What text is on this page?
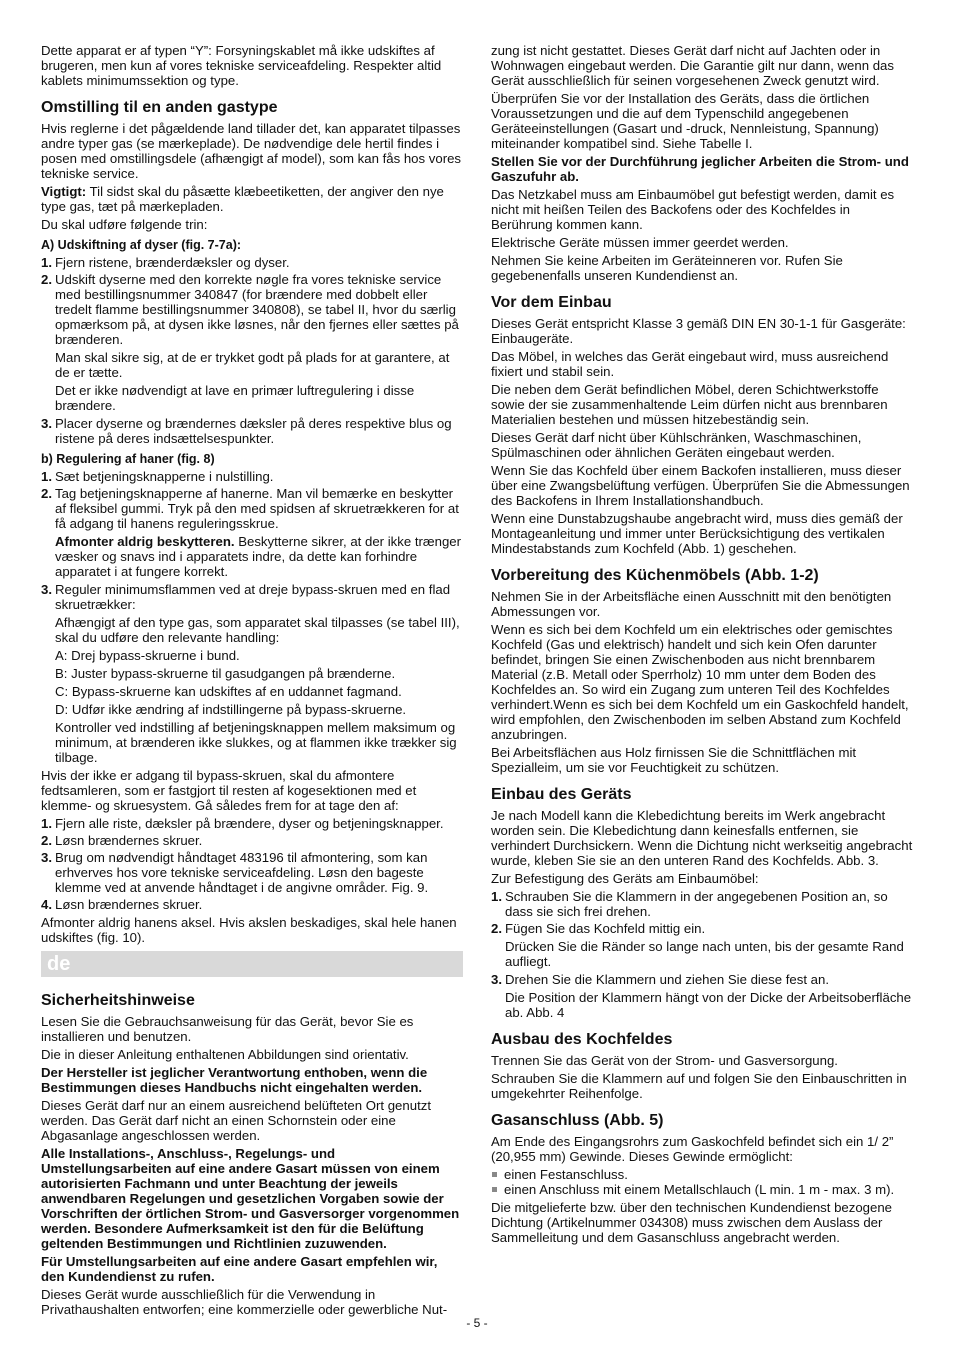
Dette apparat er af typen “Y”: Forsyningskablet må ikke udskiftes af brugeren, men kun af vores tekniske serviceafdeling. Respekter altid kablets minimumssektion og type.

Omstilling til en anden gastype

Hvis reglerne i det pågældende land tillader det, kan apparatet tilpasses andre typer gas (se mærkeplade). De nødvendige dele hertil findes i posen med omstillingsdele (afhængigt af model), som kan fås hos vores tekniske service.

Vigtigt: Til sidst skal du påsætte klæbeetiketten, der angiver den nye type gas, tæt på mærkepladen.

Du skal udføre følgende trin:

A) Udskiftning af dyser (fig. 7-7a):
1. Fjern ristene, brænderdæksler og dyser.
2. Udskift dyserne med den korrekte nøgle fra vores tekniske service med bestillingsnummer 340847 (for brændere med dobbelt eller tredelt flamme bestillingsnummer 340808), se tabel II, hvor du særlig opmærksom på, at dysen ikke løsnes, når den fjernes eller sættes på brænderen.

Man skal sikre sig, at de er trykket godt på plads for at garantere, at de er tætte.

Det er ikke nødvendigt at lave en primær luftregulering i disse brændere.

3. Placer dyserne og brændernes dæksler på deres respektive blus og ristene på deres indsættelsespunkter.
b) Regulering af haner (fig. 8)
1. Sæt betjeningsknapperne i nulstilling.
2. Tag betjeningsknapperne af hanerne. Man vil bemærke en beskytter af fleksibel gummi. Tryk på den med spidsen af skruetrækkeren for at få adgang til hanens reguleringsskrue.

Afmonter aldrig beskytteren. Beskytterne sikrer, at der ikke trænger væsker og snavs ind i apparatets indre, da dette kan forhindre apparatet i at fungere korrekt.

3. Reguler minimumsflammen ved at dreje bypass-skruen med en flad skruetrækker:

Afhængigt af den type gas, som apparatet skal tilpasses (se tabel III), skal du udføre den relevante handling:

A: Drej bypass-skruerne i bund.

B: Juster bypass-skruerne til gasudgangen på brænderne.

C: Bypass-skruerne kan udskiftes af en uddannet fagmand.

D: Udfør ikke ændring af indstillingerne på bypass-skruerne.

Kontroller ved indstilling af betjeningsknappen mellem maksimum og minimum, at brænderen ikke slukkes, og at flammen ikke trækker sig tilbage.

Hvis der ikke er adgang til bypass-skruen, skal du afmontere fedtsamleren, som er fastgjort til resten af kogesektionen med et klemme- og skruesystem. Gå således frem for at tage den af:

1. Fjern alle riste, dæksler på brændere, dyser og betjeningsknapper.
2. Løsn brændernes skruer.
3. Brug om nødvendigt håndtaget 483196 til afmontering, som kan erhverves hos vore tekniske serviceafdeling. Løsn den bageste klemme ved at anvende håndtaget i de angivne områder. Fig. 9.
4. Løsn brændernes skruer.

Afmonter aldrig hanens aksel. Hvis akslen beskadiges, skal hele hanen udskiftes (fig. 10).

de
Sicherheitshinweise

Lesen Sie die Gebrauchsanweisung für das Gerät, bevor Sie es installieren und benutzen.

Die in dieser Anleitung enthaltenen Abbildungen sind orientativ.

Der Hersteller ist jeglicher Verantwortung enthoben, wenn die Bestimmungen dieses Handbuchs nicht eingehalten werden.

Dieses Gerät darf nur an einem ausreichend belüfteten Ort genutzt werden. Das Gerät darf nicht an einen Schornstein oder eine Abgasanlage angeschlossen werden.

Alle Installations-, Anschluss-, Regelungs- und Umstellungsarbeiten auf eine andere Gasart müssen von einem autorisierten Fachmann und unter Beachtung der jeweils anwendbaren Regelungen und gesetzlichen Vorgaben sowie der Vorschriften der örtlichen Strom- und Gasversorger vorgenommen werden. Besondere Aufmerksamkeit ist den für die Belüftung geltenden Bestimmungen und Richtlinien zuzuwenden.

Für Umstellungsarbeiten auf eine andere Gasart empfehlen wir, den Kundendienst zu rufen.

Dieses Gerät wurde ausschließlich für die Verwendung in Privathaushalten entworfen; eine kommerzielle oder gewerbliche Nut-

zung ist nicht gestattet. Dieses Gerät darf nicht auf Jachten oder in Wohnwagen eingebaut werden. Die Garantie gilt nur dann, wenn das Gerät ausschließlich für seinen vorgesehenen Zweck genutzt wird.

Überprüfen Sie vor der Installation des Geräts, dass die örtlichen Voraussetzungen und die auf dem Typenschild angegebenen Geräteeinstellungen (Gasart und -druck, Nennleistung, Spannung) miteinander kompatibel sind. Siehe Tabelle I.

Stellen Sie vor der Durchführung jeglicher Arbeiten die Strom- und Gaszufuhr ab.

Das Netzkabel muss am Einbaumöbel gut befestigt werden, damit es nicht mit heißen Teilen des Backofens oder des Kochfeldes in Berührung kommen kann.

Elektrische Geräte müssen immer geerdet werden.

Nehmen Sie keine Arbeiten im Geräteinneren vor. Rufen Sie gegebenenfalls unseren Kundendienst an.

Vor dem Einbau

Dieses Gerät entspricht Klasse 3 gemäß DIN EN 30-1-1 für Gasgeräte: Einbaugeräte.

Das Möbel, in welches das Gerät eingebaut wird, muss ausreichend fixiert und stabil sein.

Die neben dem Gerät befindlichen Möbel, deren Schichtwerkstoffe sowie der sie zusammenhaltende Leim dürfen nicht aus brennbaren Materialien bestehen und müssen hitzebeständig sein.

Dieses Gerät darf nicht über Kühlschränken, Waschmaschinen, Spülmaschinen oder ähnlichen Geräten eingebaut werden.

Wenn Sie das Kochfeld über einem Backofen installieren, muss dieser über eine Zwangsbelüftung verfügen. Überprüfen Sie die Abmessungen des Backofens in Ihrem Installationshandbuch.

Wenn eine Dunstabzugshaube angebracht wird, muss dies gemäß der Montageanleitung und immer unter Berücksichtigung des vertikalen Mindestabstands zum Kochfeld (Abb. 1) geschehen.

Vorbereitung des Küchenmöbels (Abb. 1-2)

Nehmen Sie in der Arbeitsfläche einen Ausschnitt mit den benötigten Abmessungen vor.

Wenn es sich bei dem Kochfeld um ein elektrisches oder gemischtes Kochfeld (Gas und elektrisch) handelt und sich kein Ofen darunter befindet, bringen Sie einen Zwischenboden aus nicht brennbarem Material (z.B. Metall oder Sperrholz) 10 mm unter dem Boden des Kochfeldes an. So wird ein Zugang zum unteren Teil des Kochfeldes verhindert.Wenn es sich bei dem Kochfeld um ein Gaskochfeld handelt, wird empfohlen, den Zwischenboden im selben Abstand zum Kochfeld anzubringen.

Bei Arbeitsflächen aus Holz firnissen Sie die Schnittflächen mit Spezialleim, um sie vor Feuchtigkeit zu schützen.

Einbau des Geräts

Je nach Modell kann die Klebedichtung bereits im Werk angebracht worden sein. Die Klebedichtung dann keinesfalls entfernen, sie verhindert Durchsickern. Wenn die Dichtung nicht werkseitig angebracht wurde, kleben Sie sie an den unteren Rand des Kochfelds. Abb. 3.

Zur Befestigung des Geräts am Einbaumöbel:

1. Schrauben Sie die Klammern in der angegebenen Position an, so dass sie sich frei drehen.
2. Fügen Sie das Kochfeld mittig ein.

Drücken Sie die Ränder so lange nach unten, bis der gesamte Rand aufliegt.

3. Drehen Sie die Klammern und ziehen Sie diese fest an.

Die Position der Klammern hängt von der Dicke der Arbeitsoberfläche ab. Abb. 4

Ausbau des Kochfeldes

Trennen Sie das Gerät von der Strom- und Gasversorgung.

Schrauben Sie die Klammern auf und folgen Sie den Einbauschritten in umgekehrter Reihenfolge.

Gasanschluss (Abb. 5)

Am Ende des Eingangsrohrs zum Gaskochfeld befindet sich ein 1/ 2” (20,955 mm) Gewinde. Dieses Gewinde ermöglicht:

einen Festanschluss.
einen Anschluss mit einem Metallschlauch (L min. 1 m - max. 3 m).

Die mitgelieferte bzw. über den technischen Kundendienst bezogene Dichtung (Artikelnummer 034308) muss zwischen dem Auslass der Sammelleitung und dem Gasanschluss angebracht werden.

- 5 -
